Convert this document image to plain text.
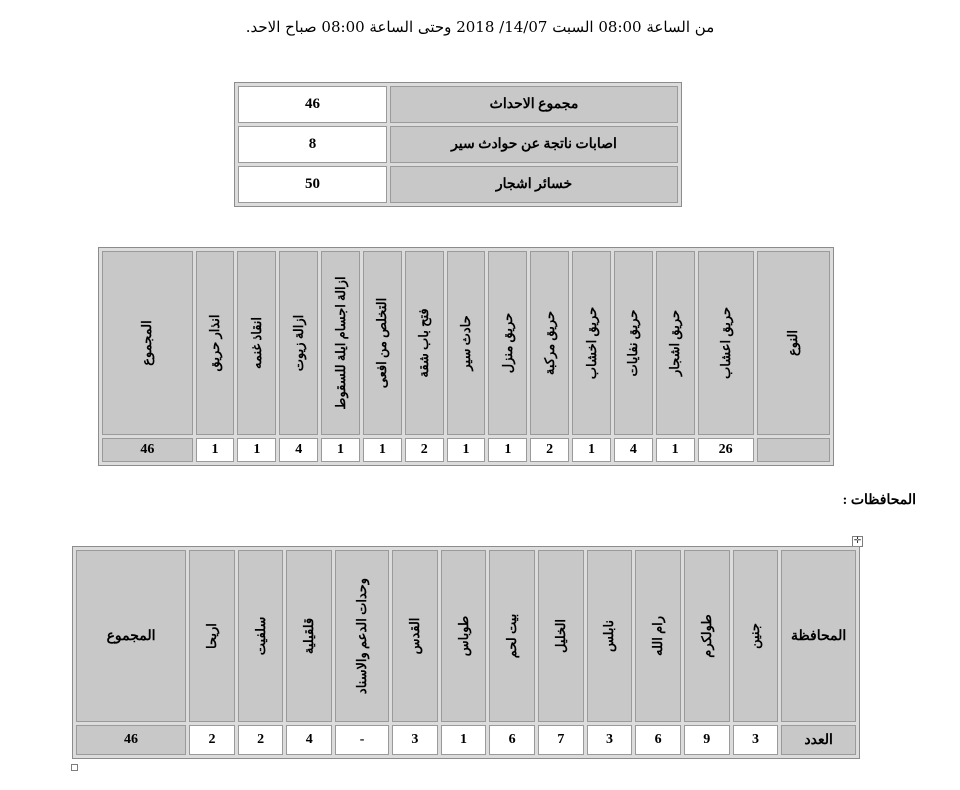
من الساعة 08:00 السبت 14/07/ 2018 وحتى الساعة 08:00 صباح الاحد.
مجموع الاحداث	46
اصابات ناتجة عن حوادث سير	8
خسائر اشجار	50
النوع	حريق اعشاب	حريق اشجار	حريق نفايات	حريق اخشاب	حريق مركبة	حريق منزل	حادث سير	فتح باب شقة	التخلص من افعى	ازالة اجسام ايلة للسقوط	ازالة زيوت	انقاذ غنمه	انذار حريق	المجموع

	26	1	4	1	2	1	1	2	1	1	4	1	1	46
المحافظات :
✛
المحافظة	جنين	طولكرم	رام الله	نابلس	الخليل	بيت لحم	طوباس	القدس	وحدات الدعم والاسناد	قلقيلية	سلفيت	اريحا	المجموع
العدد	3	9	6	3	7	6	1	3	-	4	2	2	46
